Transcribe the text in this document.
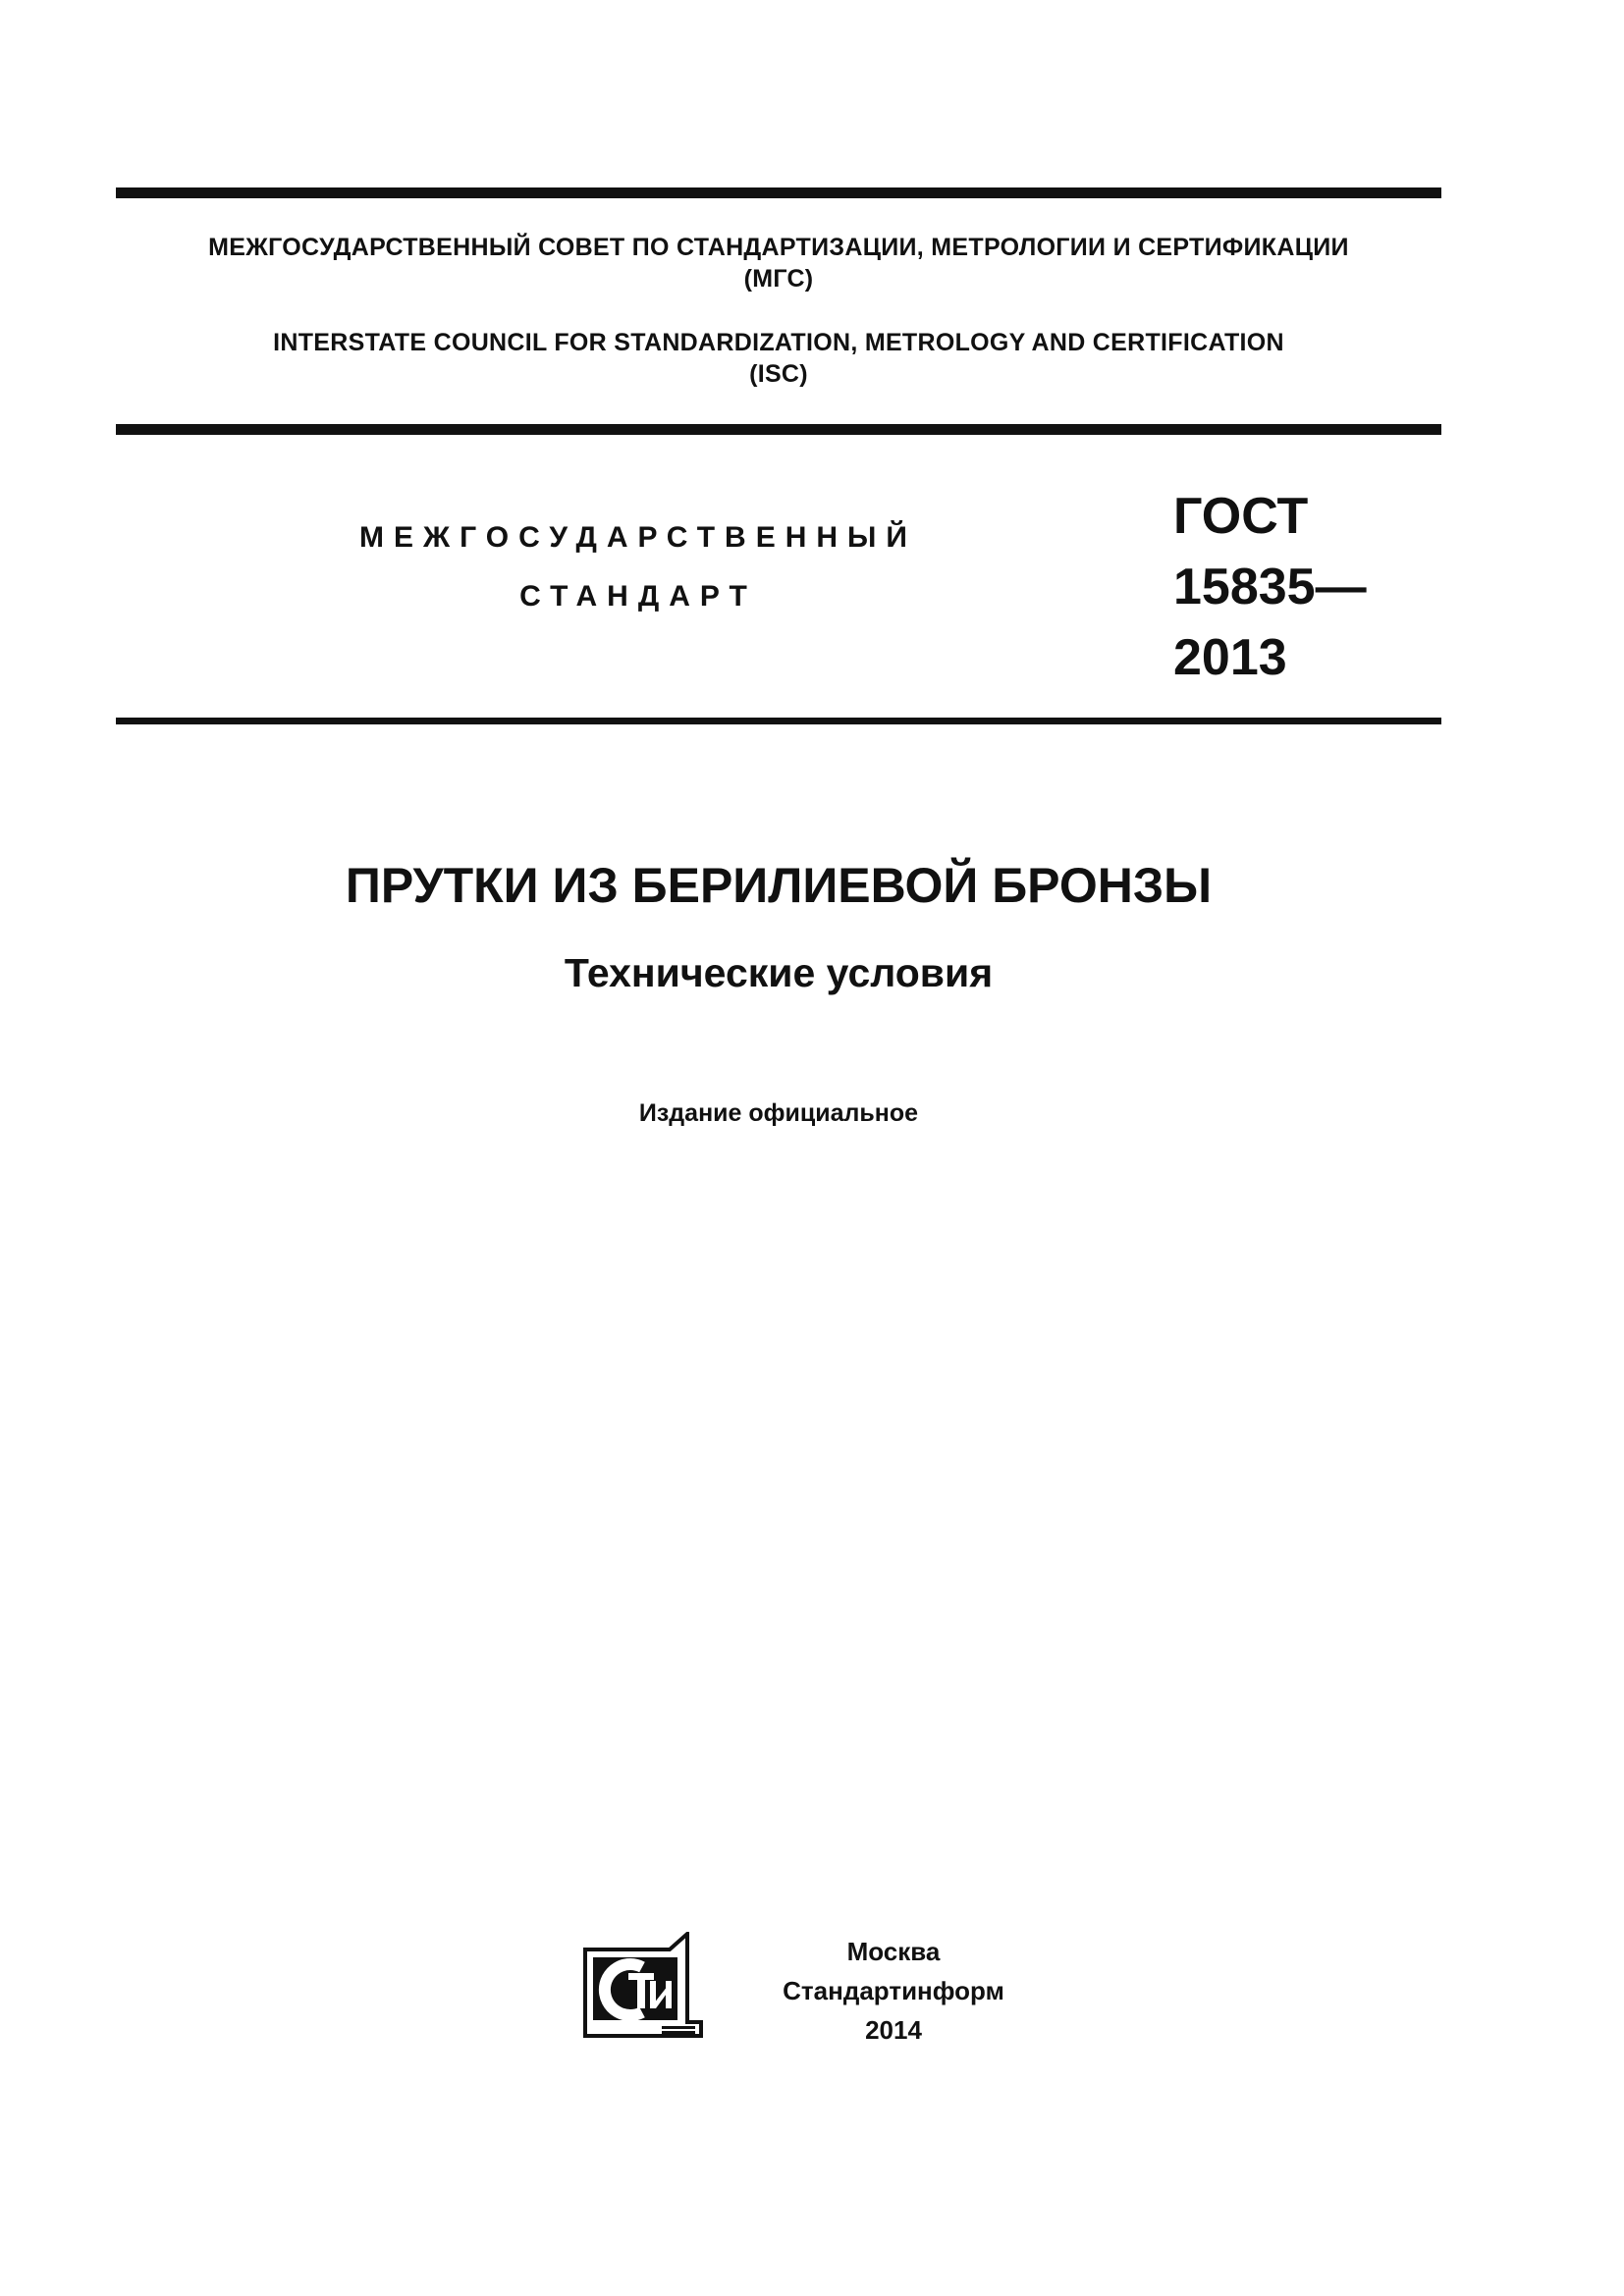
МЕЖГОСУДАРСТВЕННЫЙ СОВЕТ ПО СТАНДАРТИЗАЦИИ, МЕТРОЛОГИИ И СЕРТИФИКАЦИИ
(МГС)
INTERSTATE COUNCIL FOR STANDARDIZATION, METROLOGY AND CERTIFICATION
(ISC)
МЕЖГОСУДАРСТВЕННЫЙ
СТАНДАРТ
ГОСТ
15835—
2013
ПРУТКИ ИЗ БЕРИЛИЕВОЙ БРОНЗЫ
Технические условия
Издание официальное
Москва
Стандартинформ
2014
